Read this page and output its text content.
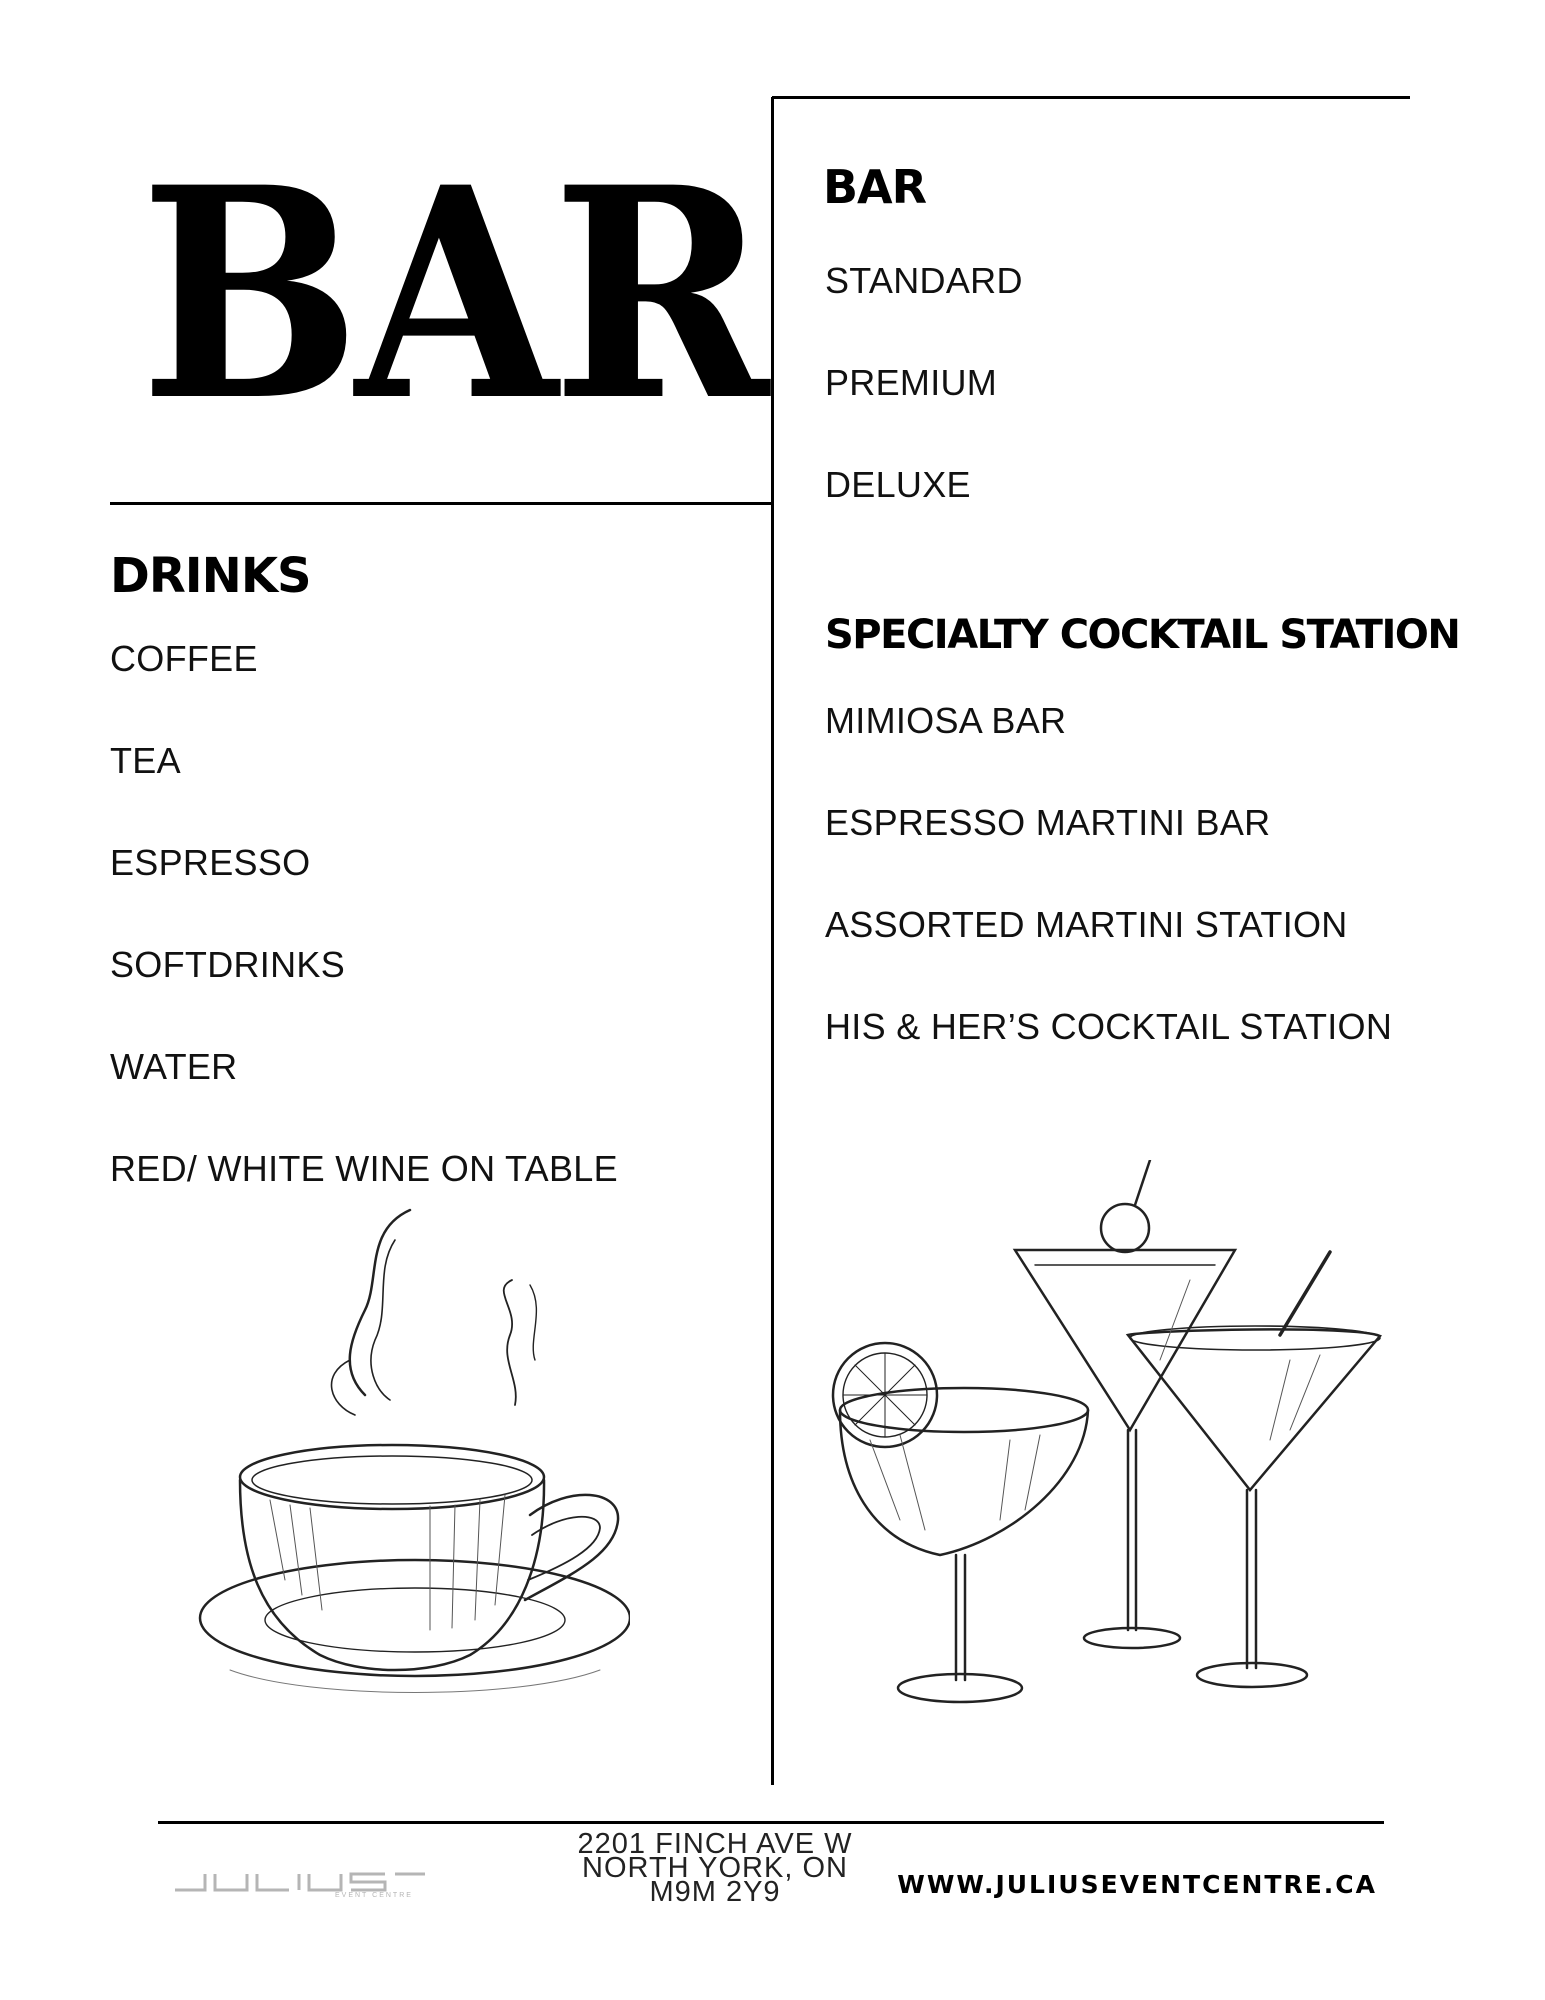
BAR
DRINKS
COFFEE
TEA
ESPRESSO
SOFTDRINKS
WATER
RED/ WHITE WINE ON TABLE
BAR
STANDARD
PREMIUM
DELUXE
SPECIALTY COCKTAIL STATION
MIMIOSA BAR
ESPRESSO MARTINI BAR
ASSORTED MARTINI STATION
HIS & HER’S COCKTAIL STATION
EVENT CENTRE
2201 FINCH AVE W
NORTH YORK, ON
M9M 2Y9	WWW.JULIUSEVENTCENTRE.CA
